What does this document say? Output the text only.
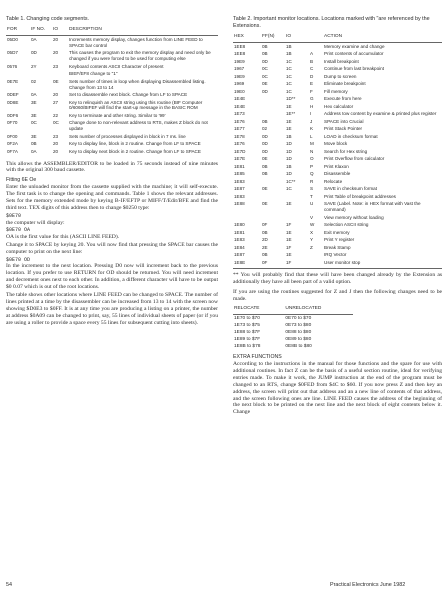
Table 1. Changing code segments.
FOR	IF NO.	IO	DESCRIPTION
05D0	0A	20	Increments memory display, changes function from LINE FEED to SPACE bar control
05D7	0D	20	This causes the program to exit the memory display and need only be changed if you were forced to be used for computing else
0576	2Y	23	Keyboard contents ASCII Character of present
			BIEF/EF8 change to "1"
0E7E	02	0E	Sets number of times in loop when displaying Disassembled listing. Change from 13 to 14
0DEF	0A	20	Set to disassemble next block. Change from LF to SPACE
0D8E	3E	27	Key to relinquish an ASCII string using this routine (BIF Computer 0/6060/BIFEF will find the start-up message in the BASIC ROM
0DF6	3E	22	Key to terminate and other string. Similar to '99'
0F70	0C	0C	Change done to non-relevant address to RTS, makes Z block do not update
0F00	3E	23	Sets number of processes displayed in block in 7 ms. line
0F2A	0B	20	Key to display line, block in 2 routine. Change from LF to SPACE
0F7A	0A	20	Key to display next block in 2 routine. Change from LF to SPACE

This allows the ASSEMBLER/EDITOR to be loaded in 75 seconds instead of nine minutes with the original 300 baud cassette.

Fitting 6E Oe

Enter the unloaded monitor from the cassette supplied with the machine; it will self-execute. The first task is to change the opening and commands. Table 1 shows the relevant addresses. Sets for the memory extended mode by keying B-IF/EFTP or MIFF/T/Edit/BFE and find the third text. TEX digits of this address then to change $0250 type:

$0E70

the computer will display:

$0E70 OA

OA is the first value for this (ASCII LINE FEED).

Change it to SPACE by keying 20. You will now find that pressing the SPACE bar causes the computer to print on the next line:

$0E70 OD

In the increment to the next location. Pressing D0 now will increment back to the previous location. If you prefer to use RETURN for OD should be returned. You will need increment and decrement ones next to each other. In addition, a different character will have to be output $0 0.07 which is out of the root locations.

The table shows other locations where LINE FEED can be changed to SPACE. The number of lines printed at a time by the disassembler can be increased from 13 to 14 with the screen now showing $D0E3 to $0FF. It is at any time you are producing a listing on a printer, the number at address $0A09 can be changed to print, say, 55 lines of individual sheets of paper (or if you are using a roller to provide a space every 55 lines for subsequent cutting into sheets).

Table 2. Important monitor locations. Locations marked with "are referenced by the Extensions.
HEX	FF(N)	IO		ACTION
1EE8	0B	1B		Memory examine and change
1EE8	0B	1B	A	Print contents of accumulator
19E9	0D	1C	B	Install breakpoint
1967	0C	1C	C	Continue from last breakpoint
19E9	0C	1C	D	Dump to screen
1969	0E	1C	E	Eliminate breakpoint
19E0	0D	1C	F	Fill memory
1E4E		1D**	G	Execute from here
1E4E		1E	H	Hex calculator
1E73		1E**	I	Address tow content by examine & printed plus register
1E76	0B	1E	J	SPACE into Crucial
1E77	02	1E	K	Print Stack Pointer
1E78	0D	1B	L	LOAD in checksum format
1E76	0D	1D	M	Move block
1E7D	0D	1D	N	Search for Hex string
1E7E	0E	1D	O	Print Overflow from calculator
1E81	0B	1B	P	Print Klaxon
1E85	0B	1D	Q	Disassemble
1E83		1C**	R	Relocate
1E87	0E	1C	S	SAVE in checksum format
1E83			T	Print Table of breakpoint addresses
1E88	0E	1E	U	SAVE (Label. Note: in HEX format with Vast the command)
			V	View memory without loading
1E80	0F	1F	W	Selection ASCII string
1E81	0B	1E	X	Exit memory
1E83	2D	1E	Y	Print Y register
1E84	2E	1F	Z	Break Stamp
1E87	0B	1E		IRQ Vector
1E8E	0F	1F		User monitor stop

** You will probably find that these will have been changed already by the Extension as additionally they have all been part of a valid option.

If you are using the routines suggested for Z and J then the following changes need to be made.

RELOCATE	UNRELOCATED
1E70 to $70	0E70 to $70
1E73 to $75	0E73 to $80
1E88 to $7F	0E88 to $80
1E89 to $7F	0E89 to $80
1E8B to $78	0E8B to $80

EXTRA FUNCTIONS

According to the instructions in the manual for those functions and the spare for use with additional routines. In fact Z can be the basis of a useful section routine, ideal for verifying entries made. To make it work, the JUMP instruction at the end of the program must be changed to an RTS, change $0FED from $4C to $60. If you now press Z and then key an address, the screen will print out that address and an a new line of contents of that address, and the screen following ones are line. LINE FEED causes the address of the beginning of the next block to be printed on the next line and the next block of eight contents below it. Change

54	Practical Electronics June 1982
